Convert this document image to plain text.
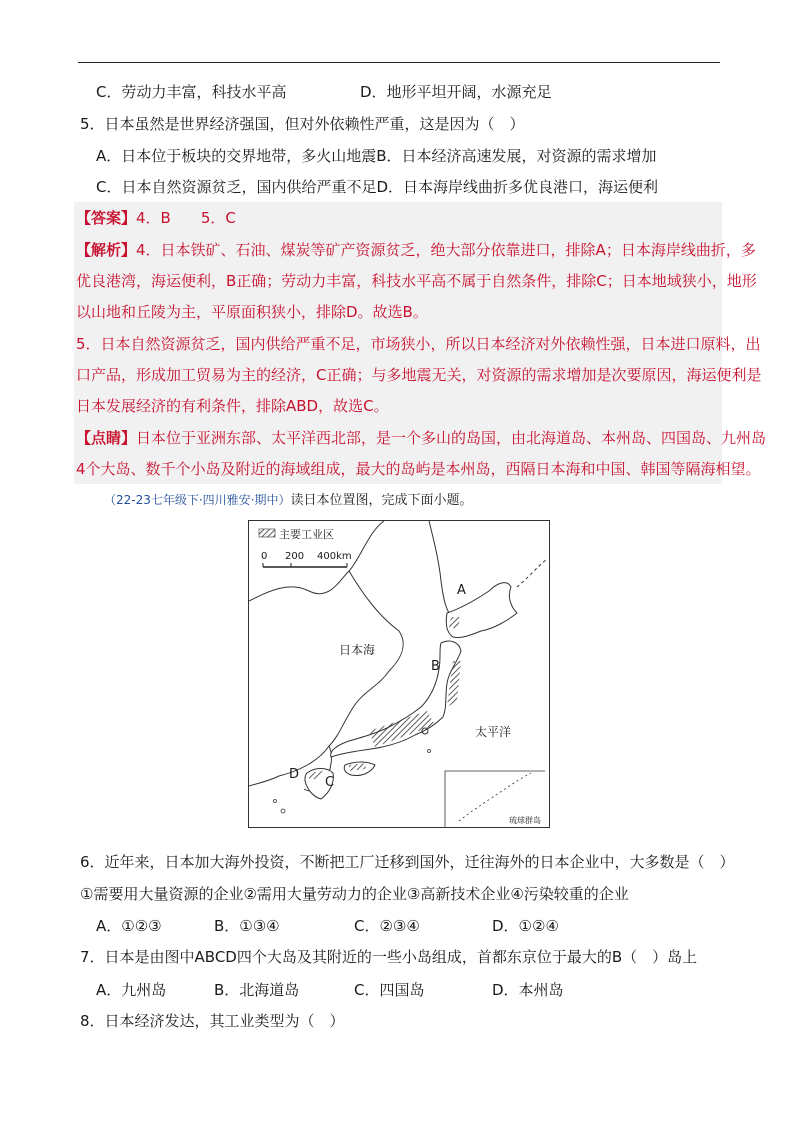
C．劳动力丰富，科技水平高	D．地形平坦开阔，水源充足
5．日本虽然是世界经济强国，但对外依赖性严重，这是因为（　）
A．日本位于板块的交界地带，多火山地震B．日本经济高速发展，对资源的需求增加
C．日本自然资源贫乏，国内供给严重不足D．日本海岸线曲折多优良港口，海运便利
【答案】4．B　　5．C
【解析】4．日本铁矿、石油、煤炭等矿产资源贫乏，绝大部分依靠进口，排除A；日本海岸线曲折，多
优良港湾，海运便利，B正确；劳动力丰富，科技水平高不属于自然条件，排除C；日本地域狭小，地形
以山地和丘陵为主，平原面积狭小，排除D。故选B。
5．日本自然资源贫乏，国内供给严重不足，市场狭小，所以日本经济对外依赖性强，日本进口原料，出
口产品，形成加工贸易为主的经济，C正确；与多地震无关，对资源的需求增加是次要原因，海运便利是
日本发展经济的有利条件，排除ABD，故选C。
【点睛】日本位于亚洲东部、太平洋西北部，是一个多山的岛国，由北海道岛、本州岛、四国岛、九州岛
4个大岛、数千个小岛及附近的海域组成，最大的岛屿是本州岛，西隔日本海和中国、韩国等隔海相望。
（22-23七年级下·四川雅安·期中）读日本位置图，完成下面小题。
主要工业区
0 200 400km
日本海
太平洋
A
B
C
D
琉球群岛
6．近年来，日本加大海外投资，不断把工厂迁移到国外，迁往海外的日本企业中，大多数是（　）
①需要用大量资源的企业②需用大量劳动力的企业③高新技术企业④污染较重的企业
A．①②③	B．①③④	C．②③④	D．①②④
7．日本是由图中ABCD四个大岛及其附近的一些小岛组成，首都东京位于最大的B（　）岛上
A．九州岛	B．北海道岛	C．四国岛	D．本州岛
8．日本经济发达，其工业类型为（　）
